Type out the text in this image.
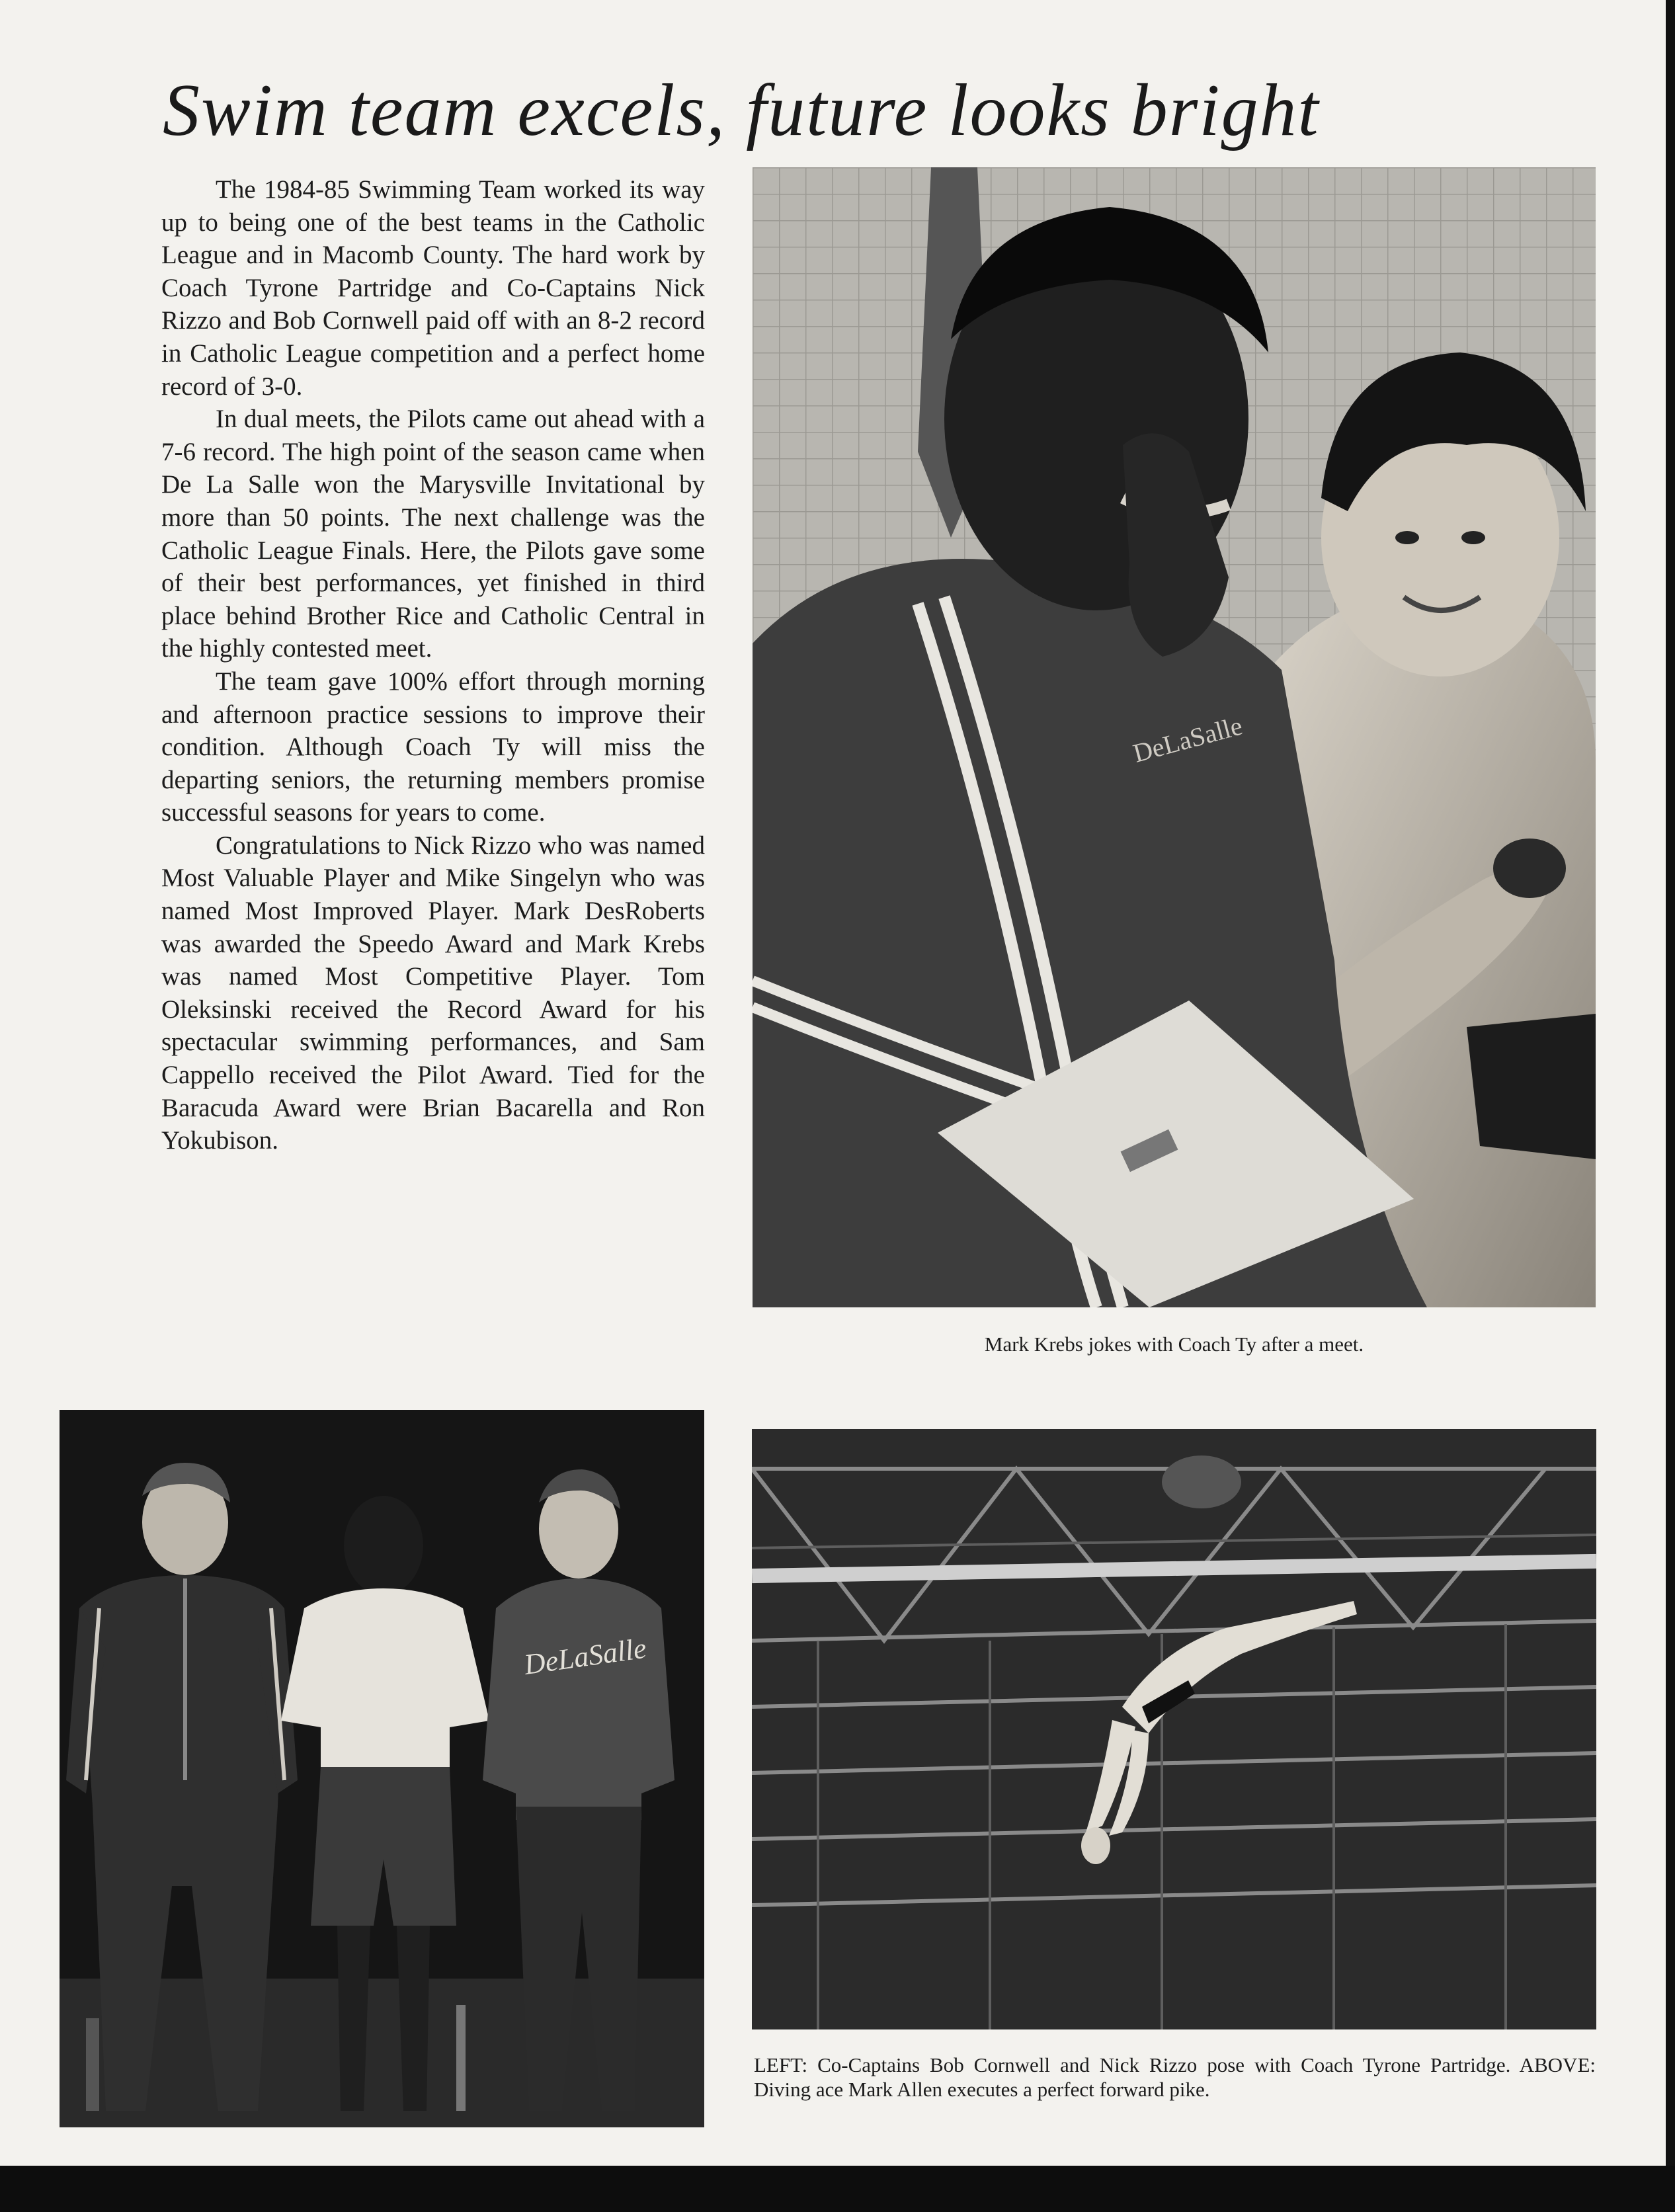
Swim team excels, future looks bright

The 1984-85 Swimming Team worked its way up to being one of the best teams in the Catholic League and in Macomb County. The hard work by Coach Tyrone Partridge and Co-Captains Nick Rizzo and Bob Cornwell paid off with an 8-2 record in Catholic League competition and a perfect home record of 3-0.

In dual meets, the Pilots came out ahead with a 7-6 record. The high point of the season came when De La Salle won the Marysville Invitational by more than 50 points. The next challenge was the Catholic League Finals. Here, the Pilots gave some of their best performances, yet finished in third place behind Brother Rice and Catholic Central in the highly contested meet.

The team gave 100% effort through morning and afternoon practice sessions to improve their condition. Although Coach Ty will miss the departing seniors, the returning members promise successful seasons for years to come.

Congratulations to Nick Rizzo who was named Most Valuable Player and Mike Singelyn who was named Most Improved Player. Mark DesRoberts was awarded the Speedo Award and Mark Krebs was named Most Competitive Player. Tom Oleksinski received the Record Award for his spectacular swimming performances, and Sam Cappello received the Pilot Award. Tied for the Baracuda Award were Brian Bacarella and Ron Yokubison.

DeLaSalle
Mark Krebs jokes with Coach Ty after a meet.
DeLaSalle
LEFT: Co-Captains Bob Cornwell and Nick Rizzo pose with Coach Tyrone Partridge. ABOVE: Diving ace Mark Allen executes a perfect forward pike.
